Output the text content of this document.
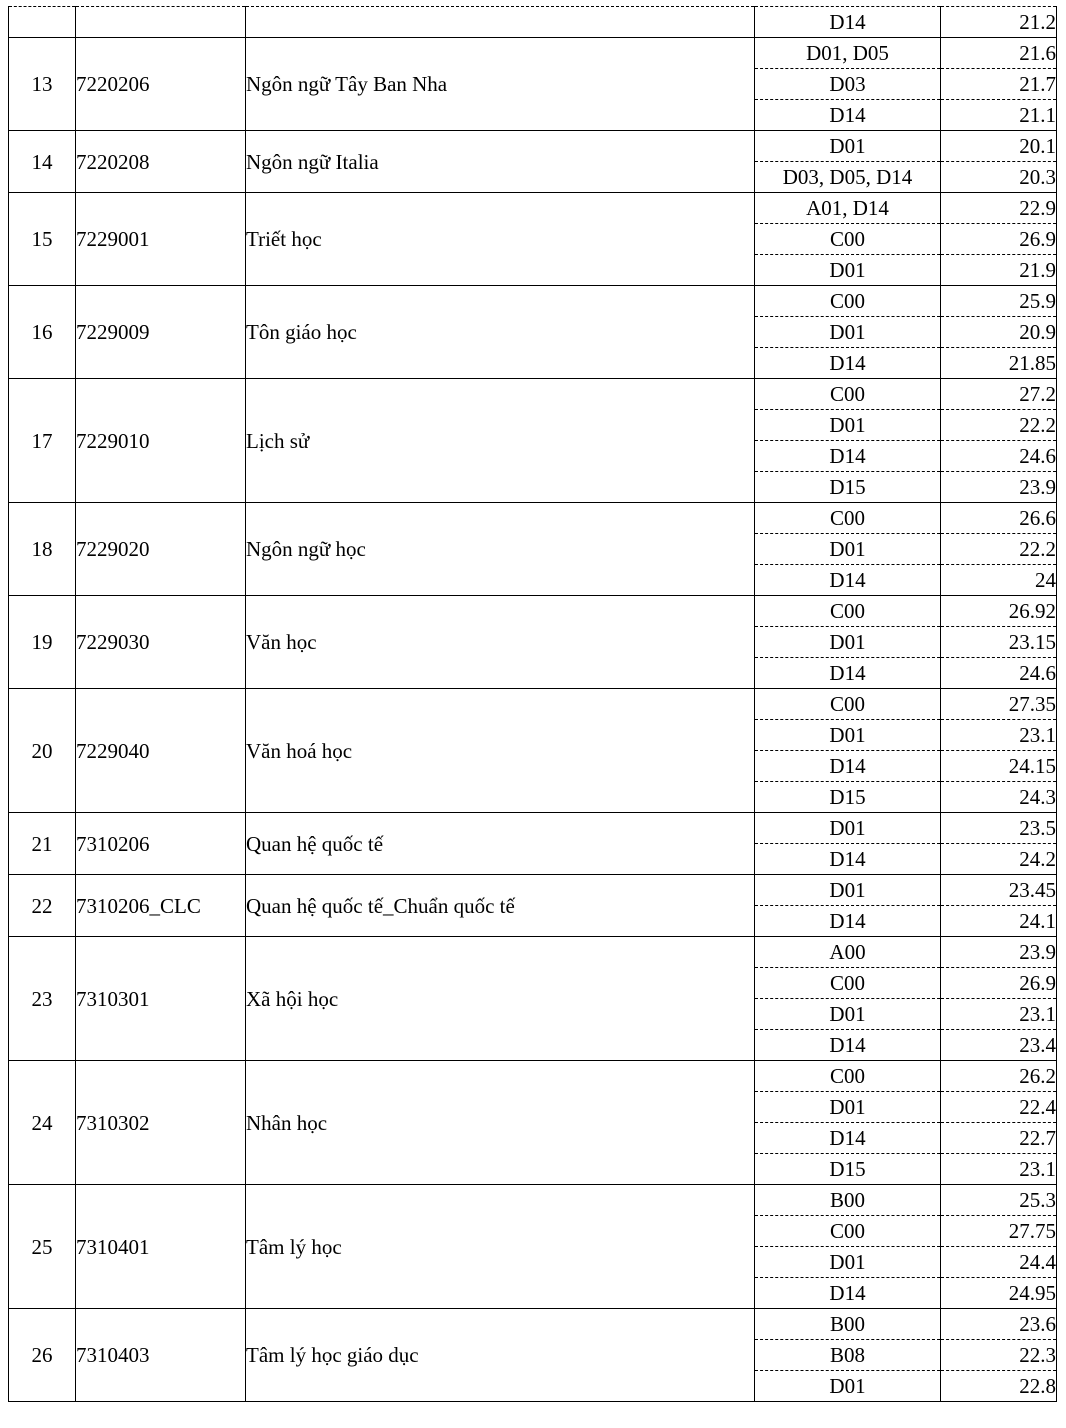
			D14	21.2
13	7220206	Ngôn ngữ Tây Ban Nha	D01, D05	21.6
			D03	21.7
			D14	21.1
14	7220208	Ngôn ngữ Italia	D01	20.1
			D03, D05, D14	20.3
15	7229001	Triết học	A01, D14	22.9
			C00	26.9
			D01	21.9
16	7229009	Tôn giáo học	C00	25.9
			D01	20.9
			D14	21.85
17	7229010	Lịch sử	C00	27.2
			D01	22.2
			D14	24.6
			D15	23.9
18	7229020	Ngôn ngữ học	C00	26.6
			D01	22.2
			D14	24
19	7229030	Văn học	C00	26.92
			D01	23.15
			D14	24.6
20	7229040	Văn hoá học	C00	27.35
			D01	23.1
			D14	24.15
			D15	24.3
21	7310206	Quan hệ quốc tế	D01	23.5
			D14	24.2
22	7310206_CLC	Quan hệ quốc tế_Chuẩn quốc tế	D01	23.45
			D14	24.1
23	7310301	Xã hội học	A00	23.9
			C00	26.9
			D01	23.1
			D14	23.4
24	7310302	Nhân học	C00	26.2
			D01	22.4
			D14	22.7
			D15	23.1
25	7310401	Tâm lý học	B00	25.3
			C00	27.75
			D01	24.4
			D14	24.95
26	7310403	Tâm lý học giáo dục	B00	23.6
			B08	22.3
			D01	22.8
